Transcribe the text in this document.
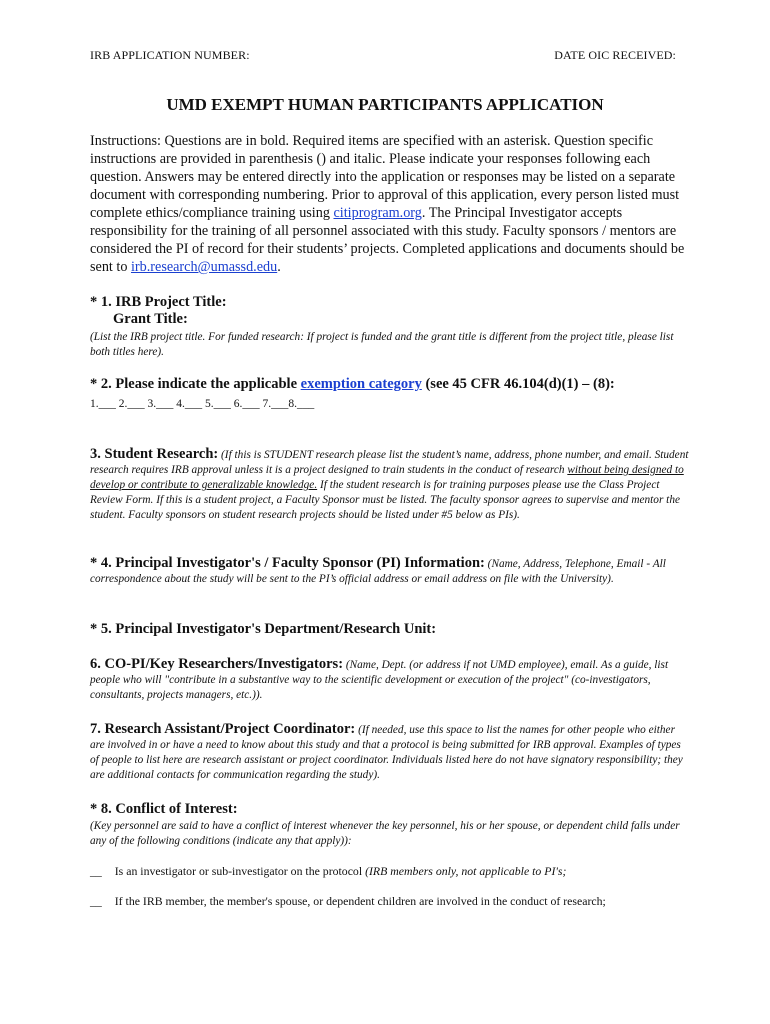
IRB APPLICATION NUMBER:	DATE OIC RECEIVED:
UMD EXEMPT HUMAN PARTICIPANTS APPLICATION
Instructions: Questions are in bold. Required items are specified with an asterisk. Question specific instructions are provided in parenthesis () and italic. Please indicate your responses following each question. Answers may be entered directly into the application or responses may be listed on a separate document with corresponding numbering. Prior to approval of this application, every person listed must complete ethics/compliance training using citiprogram.org. The Principal Investigator accepts responsibility for the training of all personnel associated with this study. Faculty sponsors / mentors are considered the PI of record for their students’ projects. Completed applications and documents should be sent to irb.research@umassd.edu.
* 1. IRB Project Title:
Grant Title:
(List the IRB project title. For funded research: If project is funded and the grant title is different from the project title, please list both titles here).
* 2. Please indicate the applicable exemption category (see 45 CFR 46.104(d)(1) – (8):
1.___ 2.___ 3.___ 4.___ 5.___ 6.___ 7.___8.___
3. Student Research: (If this is STUDENT research please list the student’s name, address, phone number, and email. Student research requires IRB approval unless it is a project designed to train students in the conduct of research without being designed to develop or contribute to generalizable knowledge. If the student research is for training purposes please use the Class Project Review Form. If this is a student project, a Faculty Sponsor must be listed. The faculty sponsor agrees to supervise and mentor the student. Faculty sponsors on student research projects should be listed under #5 below as PIs).
* 4. Principal Investigator's / Faculty Sponsor (PI) Information: (Name, Address, Telephone, Email - All correspondence about the study will be sent to the PI’s official address or email address on file with the University).
* 5. Principal Investigator's Department/Research Unit:
6. CO-PI/Key Researchers/Investigators: (Name, Dept. (or address if not UMD employee), email. As a guide, list people who will "contribute in a substantive way to the scientific development or execution of the project" (co-investigators, consultants, projects managers, etc.)).
7. Research Assistant/Project Coordinator: (If needed, use this space to list the names for other people who either are involved in or have a need to know about this study and that a protocol is being submitted for IRB approval. Examples of types of people to list here are research assistant or project coordinator. Individuals listed here do not have signatory responsibility; they are additional contacts for communication regarding the study).
* 8. Conflict of Interest:
(Key personnel are said to have a conflict of interest whenever the key personnel, his or her spouse, or dependent child falls under any of the following conditions (indicate any that apply)):
__ Is an investigator or sub-investigator on the protocol (IRB members only, not applicable to PI's;
__ If the IRB member, the member's spouse, or dependent children are involved in the conduct of research;
